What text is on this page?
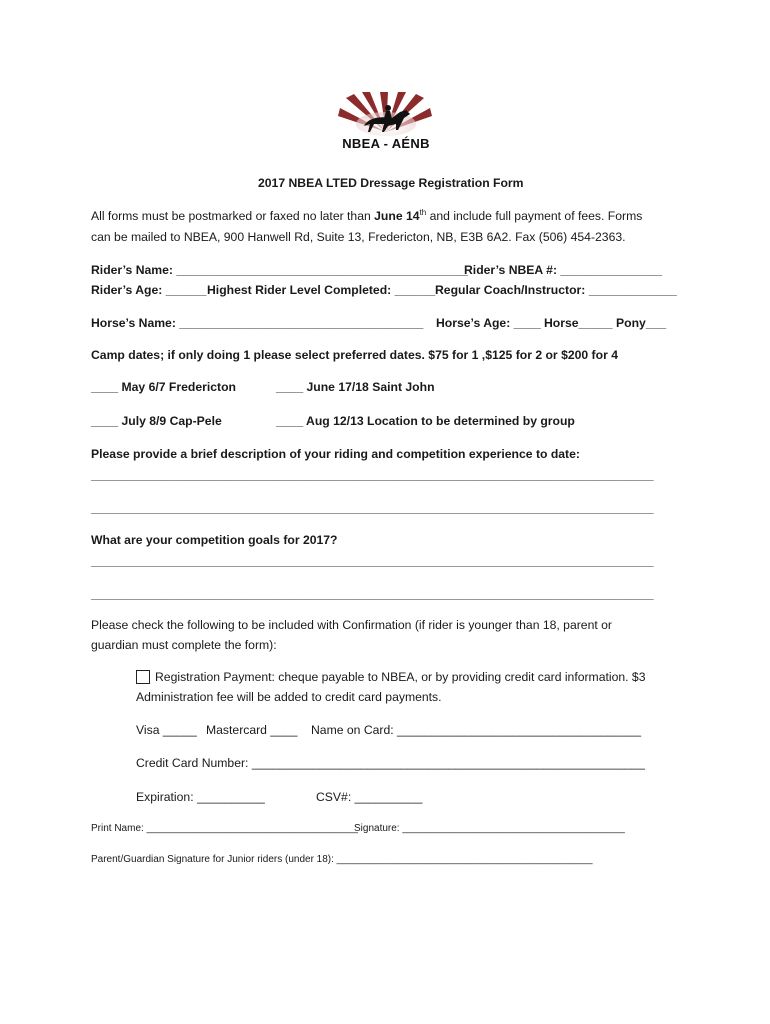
NBEA - AÉNB
2017 NBEA LTED Dressage Registration Form
All forms must be postmarked or faxed no later than June 14th and include full payment of fees. Forms
can be mailed to NBEA, 900 Hanwell Rd, Suite 13, Fredericton, NB, E3B 6A2. Fax (506) 454-2363.
Rider’s Name: ___________________________________________
Rider’s NBEA #: _______________
Rider’s Age: ______ Highest Rider Level Completed: ______ Regular Coach/Instructor: _____________
Horse’s Name: ____________________________________ Horse’s Age: ____ Horse_____ Pony___
Camp dates; if only doing 1 please select preferred dates. $75 for 1 ,$125 for 2 or $200 for 4
____ May 6/7 Fredericton	____ June 17/18 Saint John
____ July 8/9 Cap-Pele	____ Aug 12/13 Location to be determined by group
Please provide a brief description of your riding and competition experience to date:
___________________________________________________________________________________
___________________________________________________________________________________
What are your competition goals for 2017?
___________________________________________________________________________________
___________________________________________________________________________________
Please check the following to be included with Confirmation (if rider is younger than 18, parent or
guardian must complete the form):
Registration Payment: cheque payable to NBEA, or by providing credit card information. $3
Administration fee will be added to credit card payments.
Visa _____ Mastercard ____ Name on Card: ____________________________________
Credit Card Number: __________________________________________________________
Expiration: __________	CSV#: __________
Print Name: ______________________________________
Signature: ________________________________________
Parent/Guardian Signature for Junior riders (under 18): ______________________________________________
